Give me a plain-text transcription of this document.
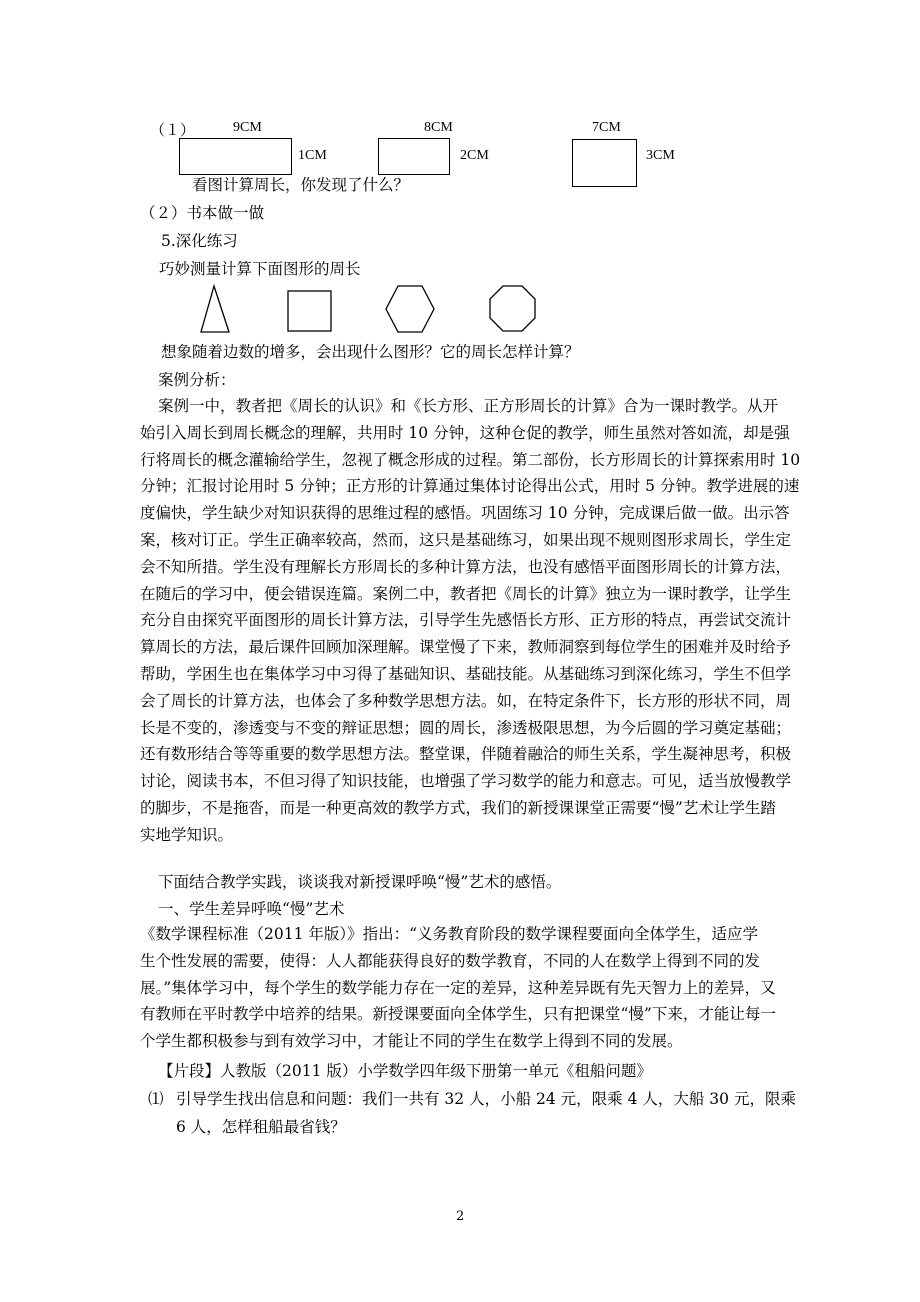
（１）	9CM
1CM
8CM
2CM
7CM
3CM
看图计算周长，你发现了什么？
（２）书本做一做
5.深化练习
巧妙测量计算下面图形的周长
想象随着边数的增多，会出现什么图形？它的周长怎样计算？
案例分析：
案例一中，教者把《周长的认识》和《长方形、正方形周长的计算》合为一课时教学。从开
始引入周长到周长概念的理解，共用时 10 分钟，这种仓促的教学，师生虽然对答如流，却是强
行将周长的概念灌输给学生，忽视了概念形成的过程。第二部份，长方形周长的计算探索用时 10
分钟；汇报讨论用时 5 分钟；正方形的计算通过集体讨论得出公式，用时 5 分钟。教学进展的速
度偏快，学生缺少对知识获得的思维过程的感悟。巩固练习 10 分钟，完成课后做一做。出示答
案，核对订正。学生正确率较高，然而，这只是基础练习，如果出现不规则图形求周长，学生定
会不知所措。学生没有理解长方形周长的多种计算方法，也没有感悟平面图形周长的计算方法，
在随后的学习中，便会错误连篇。案例二中，教者把《周长的计算》独立为一课时教学，让学生
充分自由探究平面图形的周长计算方法，引导学生先感悟长方形、正方形的特点，再尝试交流计
算周长的方法，最后课件回顾加深理解。课堂慢了下来，教师洞察到每位学生的困难并及时给予
帮助，学困生也在集体学习中习得了基础知识、基础技能。从基础练习到深化练习，学生不但学
会了周长的计算方法，也体会了多种数学思想方法。如，在特定条件下，长方形的形状不同，周
长是不变的，渗透变与不变的辩证思想；圆的周长，渗透极限思想，为今后圆的学习奠定基础；
还有数形结合等等重要的数学思想方法。整堂课，伴随着融洽的师生关系，学生凝神思考，积极
讨论，阅读书本，不但习得了知识技能，也增强了学习数学的能力和意志。可见，适当放慢教学
的脚步，不是拖沓，而是一种更高效的教学方式，我们的新授课课堂正需要“慢”艺术让学生踏
实地学知识。
下面结合教学实践，谈谈我对新授课呼唤“慢”艺术的感悟。
一、学生差异呼唤“慢”艺术
《数学课程标准（2011 年版）》指出：“义务教育阶段的数学课程要面向全体学生，适应学
生个性发展的需要，使得：人人都能获得良好的数学教育，不同的人在数学上得到不同的发
展。”集体学习中，每个学生的数学能力存在一定的差异，这种差异既有先天智力上的差异，又
有教师在平时教学中培养的结果。新授课要面向全体学生，只有把课堂“慢”下来，才能让每一
个学生都积极参与到有效学习中，才能让不同的学生在数学上得到不同的发展。
【片段】人教版（2011 版）小学数学四年级下册第一单元《租船问题》
⑴ 引导学生找出信息和问题：我们一共有 32 人，小船 24 元，限乘 4 人，大船 30 元，限乘
6 人，怎样租船最省钱？
2
